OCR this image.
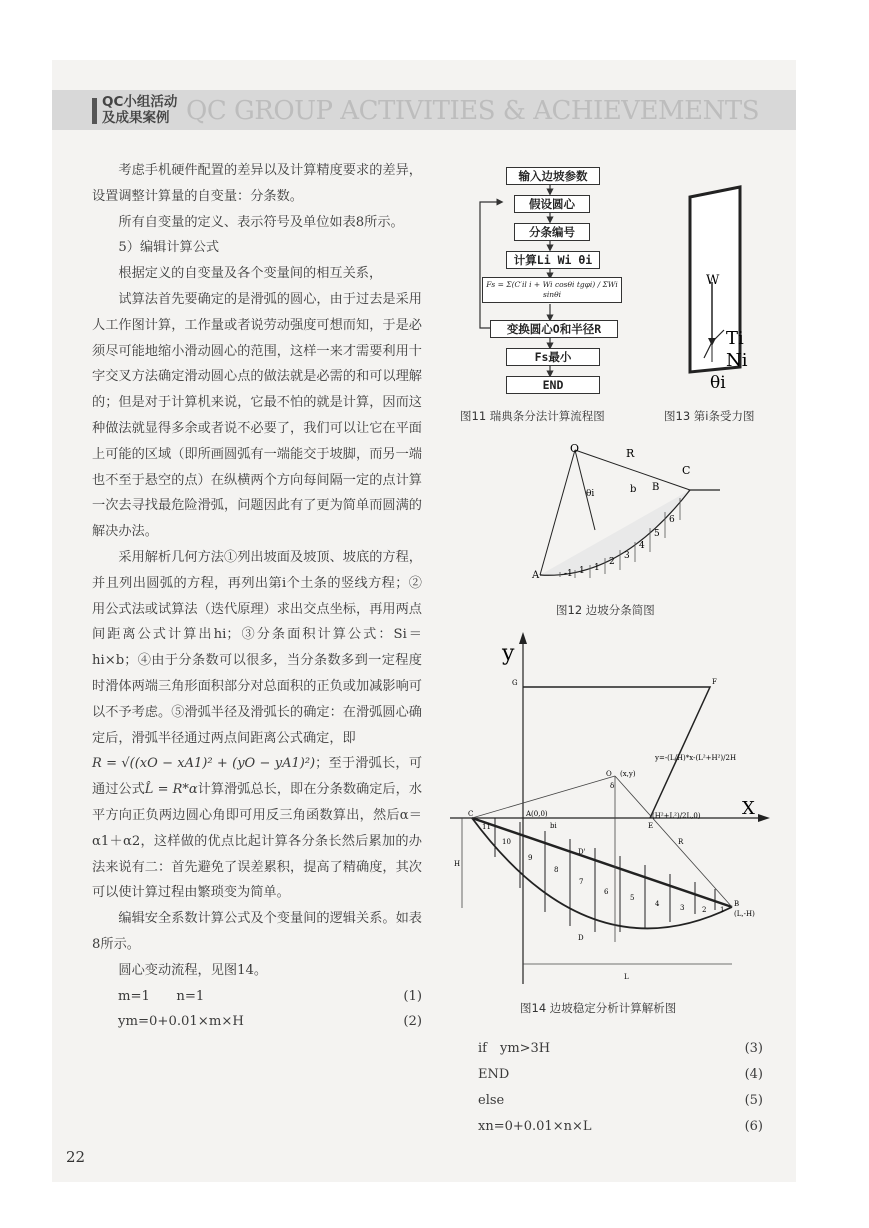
QC小组活动
及成果案例 QC GROUP ACTIVITIES & ACHIEVEMENTS

考虑手机硬件配置的差异以及计算精度要求的差异，设置调整计算量的自变量：分条数。

所有自变量的定义、表示符号及单位如表8所示。

5）编辑计算公式

根据定义的自变量及各个变量间的相互关系，

试算法首先要确定的是滑弧的圆心，由于过去是采用人工作图计算，工作量或者说劳动强度可想而知，于是必须尽可能地缩小滑动圆心的范围，这样一来才需要利用十字交叉方法确定滑动圆心点的做法就是必需的和可以理解的；但是对于计算机来说，它最不怕的就是计算，因而这种做法就显得多余或者说不必要了，我们可以让它在平面上可能的区域（即所画圆弧有一端能交于坡脚，而另一端也不至于悬空的点）在纵横两个方向每间隔一定的点计算一次去寻找最危险滑弧，问题因此有了更为简单而圆满的解决办法。

采用解析几何方法①列出坡面及坡顶、坡底的方程，并且列出圆弧的方程，再列出第i个土条的竖线方程；②用公式法或试算法（迭代原理）求出交点坐标，再用两点间距离公式计算出hi；③分条面积计算公式：Si＝hi×b；④由于分条数可以很多，当分条数多到一定程度时滑体两端三角形面积部分对总面积的正负或加减影响可以不予考虑。⑤滑弧半径及滑弧长的确定：在滑弧圆心确定后，滑弧半径通过两点间距离公式确定，即

R = √((xO − xA1)² + (yO − yA1)²)；至于滑弧长，可通过公式L̂ = R*α计算滑弧总长，即在分条数确定后，水平方向正负两边圆心角即可用反三角函数算出，然后α＝α1＋α2，这样做的优点比起计算各分条长然后累加的办法来说有二：首先避免了误差累积，提高了精确度，其次可以使计算过程由繁琐变为简单。

编辑安全系数计算公式及个变量间的逻辑关系。如表8所示。

圆心变动流程，见图14。

m=1　　n=1	(1)
ym=0+0.01×m×H	(2)
输入边坡参数
假设圆心
分条编号
计算Li Wi θi
Fs = Σ(C′il i + Wi cosθi tgφi) / ΣWi sinθi
变换圆心O和半径R
Fs最小
END
图11 瑞典条分法计算流程图
W
Ti
Ni
θi
图13 第i条受力图
O	R
C
b B
A
θi
-1 1 1
2
3
4
5
6
图12 边坡分条简图
y
X
G	F
O (x,y)
y=-(L/H)*x-(L²+H²)/2H
C	A(0,0)
E
(H²+L²)/2L,0)
bi
D'
R
δ
H
L
D
B
(L,-H)
11
10
9
8
7
6
5
4	3	2 1
图14 边坡稳定分析计算解析图
if　ym>3H	(3)
END	(4)
else	(5)
xn=0+0.01×n×L	(6)
22
